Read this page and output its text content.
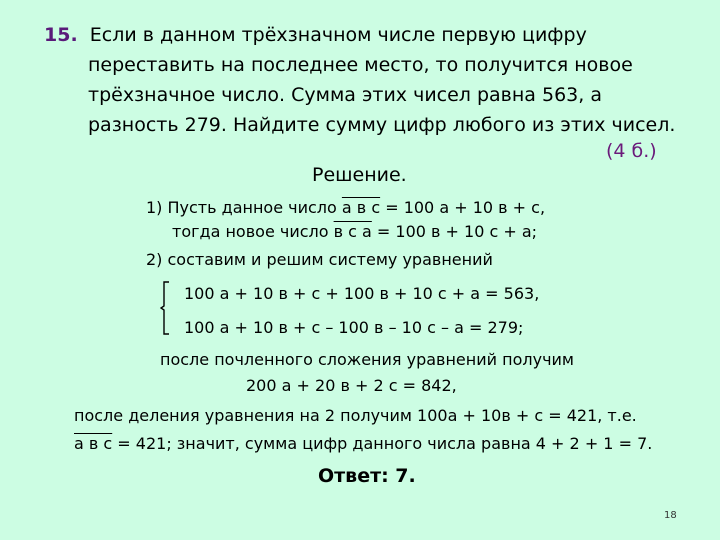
15. Если в данном трёхзначном числе первую цифру
переставить на последнее место, то получится новое
трёхзначное число. Сумма этих чисел равна 563, а
разность 279. Найдите сумму цифр любого из этих чисел.
(4 б.)
Решение.
1) Пусть данное число а в с = 100 а + 10 в + с,
тогда новое число в с а = 100 в + 10 с + а;
2) составим и решим систему уравнений
100 а + 10 в + с + 100 в + 10 с + а = 563,
100 а + 10 в + с – 100 в – 10 с – а = 279;
после почленного сложения уравнений получим
200 а + 20 в + 2 с = 842,
после деления уравнения на 2 получим 100а + 10в + с = 421, т.е.
а в с = 421; значит, сумма цифр данного числа равна 4 + 2 + 1 = 7.
Ответ: 7.
18
